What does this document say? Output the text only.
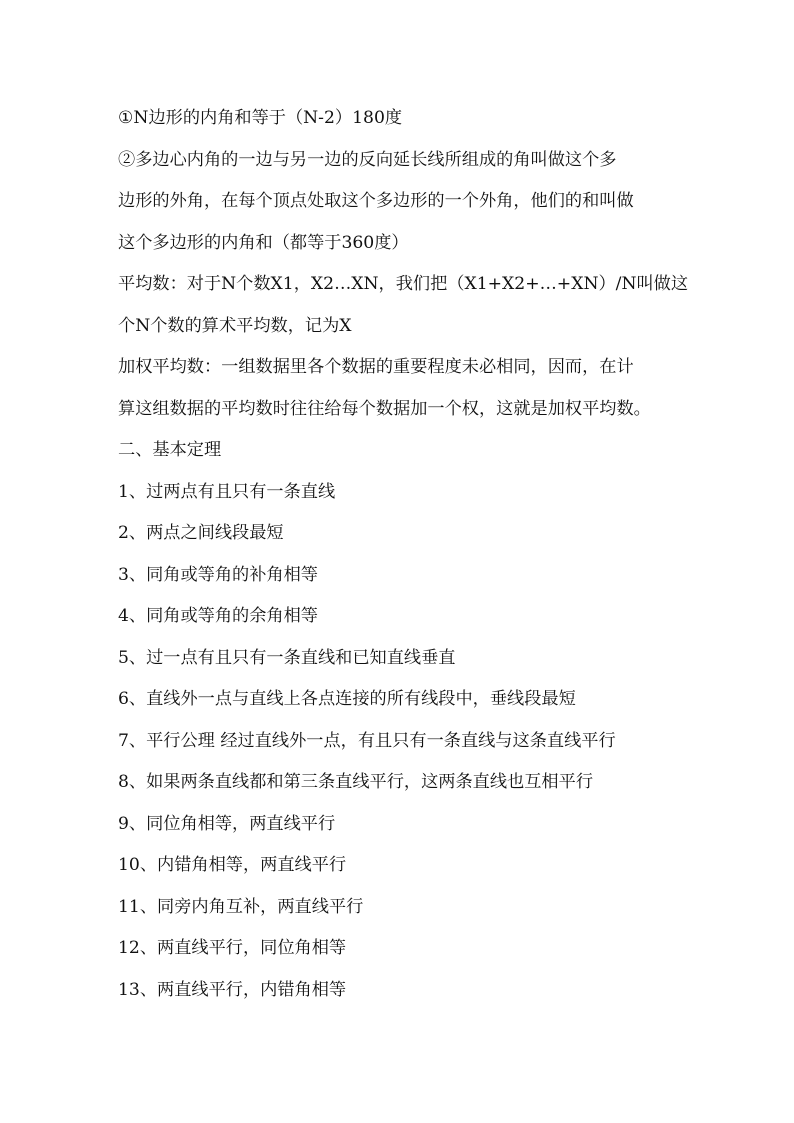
①N边形的内角和等于（N-2）180度
②多边心内角的一边与另一边的反向延长线所组成的角叫做这个多
边形的外角，在每个顶点处取这个多边形的一个外角，他们的和叫做
这个多边形的内角和（都等于360度）
平均数：对于N个数X1，X2…XN，我们把（X1+X2+…+XN）/N叫做这
个N个数的算术平均数，记为X
加权平均数：一组数据里各个数据的重要程度未必相同，因而，在计
算这组数据的平均数时往往给每个数据加一个权，这就是加权平均数。
二、基本定理
1、过两点有且只有一条直线
2、两点之间线段最短
3、同角或等角的补角相等
4、同角或等角的余角相等
5、过一点有且只有一条直线和已知直线垂直
6、直线外一点与直线上各点连接的所有线段中，垂线段最短
7、平行公理 经过直线外一点，有且只有一条直线与这条直线平行
8、如果两条直线都和第三条直线平行，这两条直线也互相平行
9、同位角相等，两直线平行
10、内错角相等，两直线平行
11、同旁内角互补，两直线平行
12、两直线平行，同位角相等
13、两直线平行，内错角相等
